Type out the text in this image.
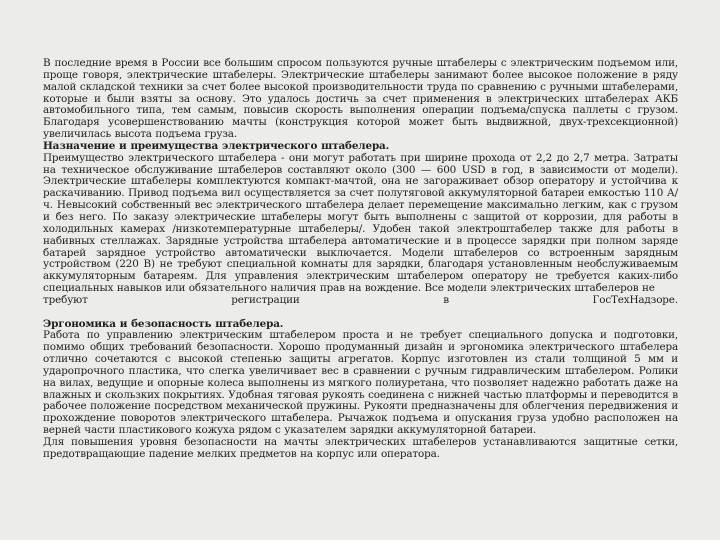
В последние время в России все большим спросом пользуются ручные штабелеры с электрическим подъемом или, проще говоря, электрические штабелеры. Электрические штабелеры занимают более высокое положение в ряду малой складской техники за счет более высокой производительности труда по сравнению с ручными штабелерами, которые и были взяты за основу. Это удалось достичь за счет применения в электрических штабелерах АКБ автомобильного типа, тем самым, повысив скорость выполнения операции подъема/спуска паллеты с грузом. Благодаря усовершенствованию мачты (конструкция которой может быть выдвижной, двух-трехсекционной) увеличилась высота подъема груза.

Назначение и преимущества электрического штабелера.

Преимущество электрического штабелера - они могут работать при ширине прохода от 2,2 до 2,7 метра. Затраты на техническое обслуживание штабелеров составляют около (300 — 600 USD в год, в зависимости от модели). Электрические штабелеры комплектуются компакт-мачтой, она не загораживает обзор оператору и устойчива к раскачиванию. Привод подъема вил осуществляется за счет полутяговой аккумуляторной батареи емкостью 110 А/ч. Невысокий собственный вес электрического штабелера делает перемещение максимально легким, как с грузом и без него. По заказу электрические штабелеры могут быть выполнены с защитой от коррозии, для работы в холодильных камерах /низкотемпературные штабелеры/. Удобен такой электроштабелер также для работы в набивных стеллажах. Зарядные устройства штабелера автоматические и в процессе зарядки при полном заряде батарей зарядное устройство автоматически выключается. Модели штабелеров со встроенным зарядным устройством (220 В) не требуют специальной комнаты для зарядки, благодаря установленным необслуживаемым аккумуляторным батареям. Для управления электрическим штабелером оператору не требуется каких-либо специальных навыков или обязательного наличия прав на вождение. Все модели электрических штабелеров не

требуют	регистрации	в	ГосТехНадзоре.
Эргономика и безопасность штабелера.

Работа по управлению электрическим штабелером проста и не требует специального допуска и подготовки, помимо общих требований безопасности. Хорошо продуманный дизайн и эргономика электрического штабелера отлично сочетаются с высокой степенью защиты агрегатов. Корпус изготовлен из стали толщиной 5 мм и ударопрочного пластика, что слегка увеличивает вес в сравнении с ручным гидравлическим штабелером. Ролики на вилах, ведущие и опорные колеса выполнены из мягкого полиуретана, что позволяет надежно работать даже на влажных и скользких покрытиях. Удобная тяговая рукоять соединена с нижней частью платформы и переводится в рабочее положение посредством механической пружины. Рукояти предназначены для облегчения передвижения и прохождение поворотов электрического штабелера. Рычажок подъема и опускания груза удобно расположен на верней части пластикового кожуха рядом с указателем зарядки аккумуляторной батареи.

Для повышения уровня безопасности на мачты электрических штабелеров устанавливаются защитные сетки, предотвращающие падение мелких предметов на корпус или оператора.
